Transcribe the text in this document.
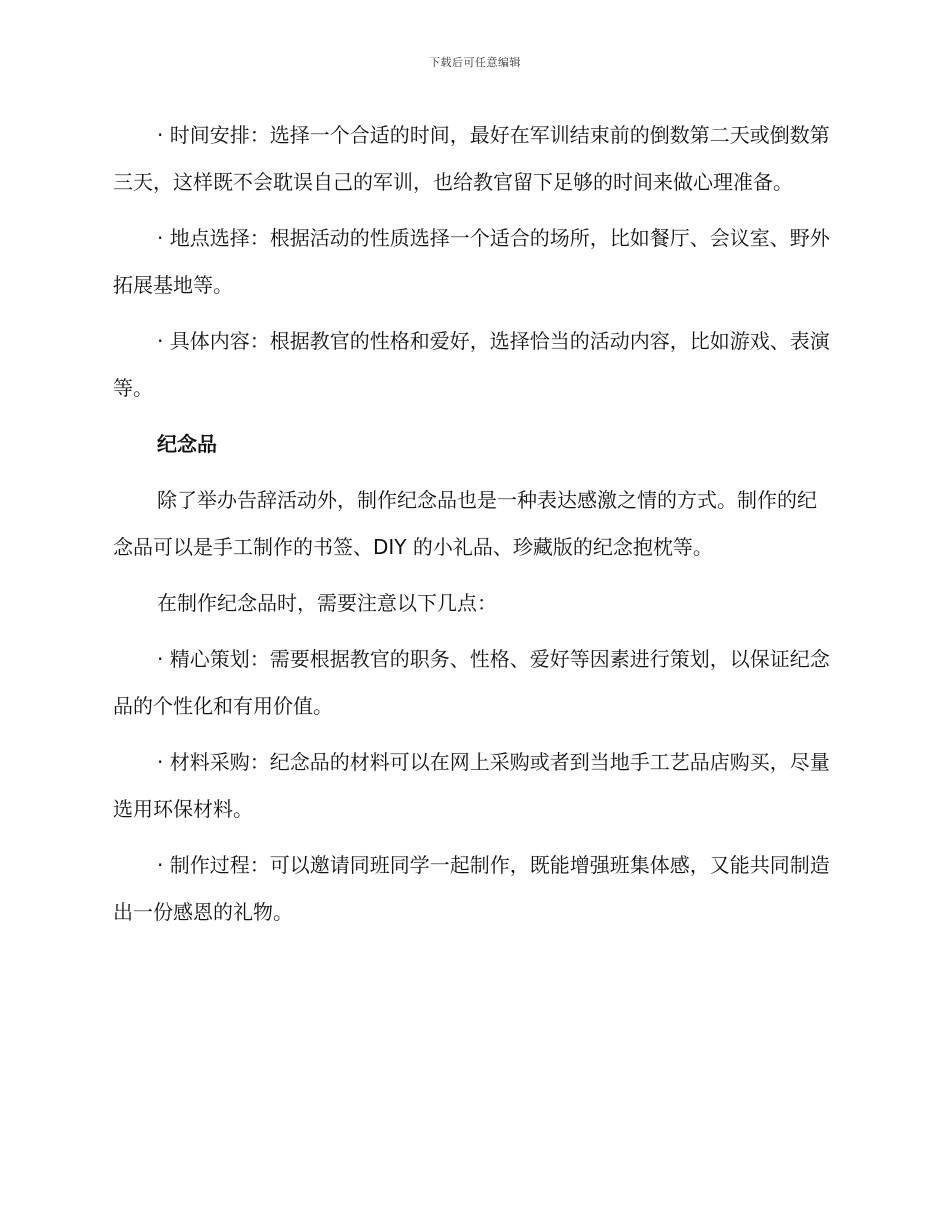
下载后可任意编辑

· 时间安排：选择一个合适的时间，最好在军训结束前的倒数第二天或倒数第三天，这样既不会耽误自己的军训，也给教官留下足够的时间来做心理准备。

· 地点选择：根据活动的性质选择一个适合的场所，比如餐厅、会议室、野外拓展基地等。

· 具体内容：根据教官的性格和爱好，选择恰当的活动内容，比如游戏、表演等。

纪念品

除了举办告辞活动外，制作纪念品也是一种表达感激之情的方式。制作的纪念品可以是手工制作的书签、DIY 的小礼品、珍藏版的纪念抱枕等。

在制作纪念品时，需要注意以下几点：

· 精心策划：需要根据教官的职务、性格、爱好等因素进行策划，以保证纪念品的个性化和有用价值。

· 材料采购：纪念品的材料可以在网上采购或者到当地手工艺品店购买，尽量选用环保材料。

· 制作过程：可以邀请同班同学一起制作，既能增强班集体感，又能共同制造出一份感恩的礼物。
